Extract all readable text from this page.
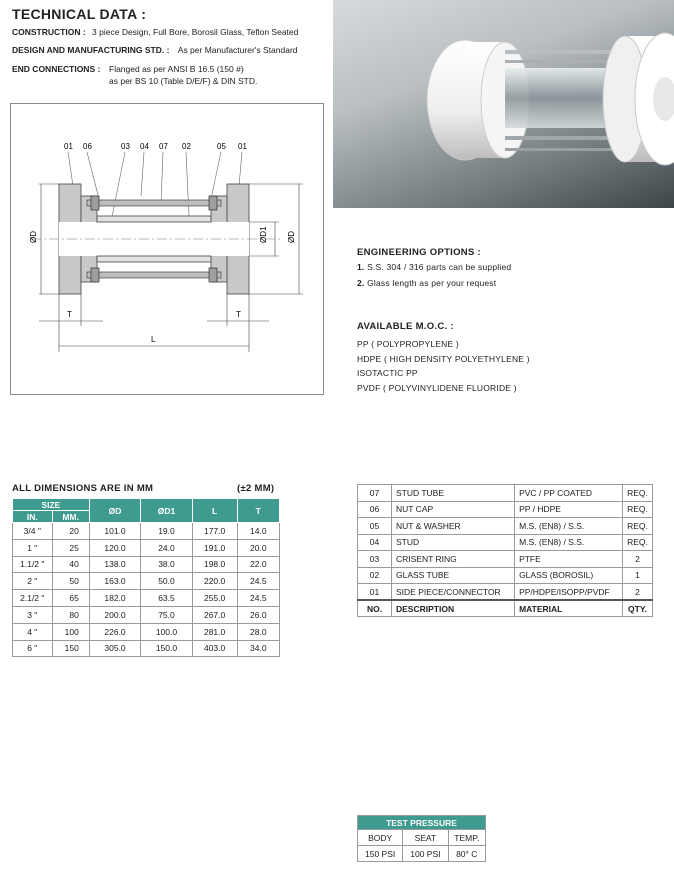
TECHNICAL DATA :
CONSTRUCTION : 3 piece Design, Full Bore, Borosil Glass, Teflon Seated
DESIGN AND MANUFACTURING STD. : As per Manufacturer's Standard
END CONNECTIONS : Flanged as per ANSI B 16.5 (150 #)
as per BS 10 (Table D/E/F) & DIN STD.
01 06	03 04 07 02	05 01
ØD	ØD1 ØD
T	T
L
ENGINEERING OPTIONS :
1. S.S. 304 / 316 parts can be supplied
2. Glass length as per your request
AVAILABLE M.O.C. :
PP ( POLYPROPYLENE )
HDPE ( HIGH DENSITY POLYETHYLENE )
ISOTACTIC PP
PVDF ( POLYVINYLIDENE FLUORIDE )
ALL DIMENSIONS ARE IN MM	(±2 MM)
SIZE		ØD	ØD1	L	T
IN.	MM.				
3/4 "	20	101.0	19.0	177.0	14.0
1 "	25	120.0	24.0	191.0	20.0
1.1/2 "	40	138.0	38.0	198.0	22.0
2 "	50	163.0	50.0	220.0	24.5
2.1/2 "	65	182.0	63.5	255.0	24.5
3 "	80	200.0	75.0	267.0	26.0
4 "	100	226.0	100.0	281.0	28.0
6 "	150	305.0	150.0	403.0	34.0
07	STUD TUBE	PVC / PP COATED	REQ.
06	NUT CAP	PP / HDPE	REQ.
05	NUT & WASHER	M.S. (EN8) / S.S.	REQ.
04	STUD	M.S. (EN8) / S.S.	REQ.
03	CRISENT RING	PTFE	2
02	GLASS TUBE	GLASS (BOROSIL)	1
01	SIDE PIECE/CONNECTOR	PP/HDPE/ISOPP/PVDF	2
NO.	DESCRIPTION	MATERIAL	QTY.
TEST PRESSURE		
BODY	SEAT	TEMP.
150 PSI	100 PSI	80° C
